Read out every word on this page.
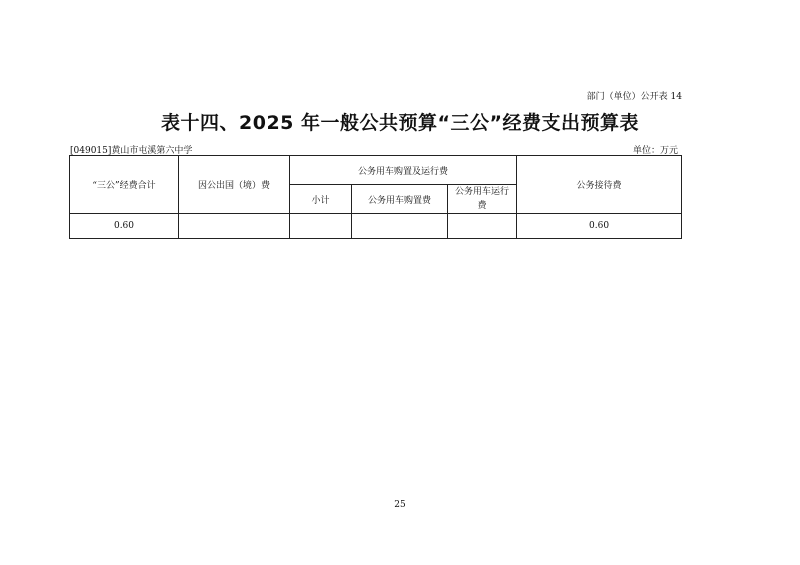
部门（单位）公开表 14
表十四、2025 年一般公共预算“三公”经费支出预算表
[049015]黄山市屯溪第六中学	单位：万元
“三公”经费合计	因公出国（境）费	公务用车购置及运行费			公务接待费
		小计	公务用车购置费	公务用车运行费	
0.60					0.60
25
